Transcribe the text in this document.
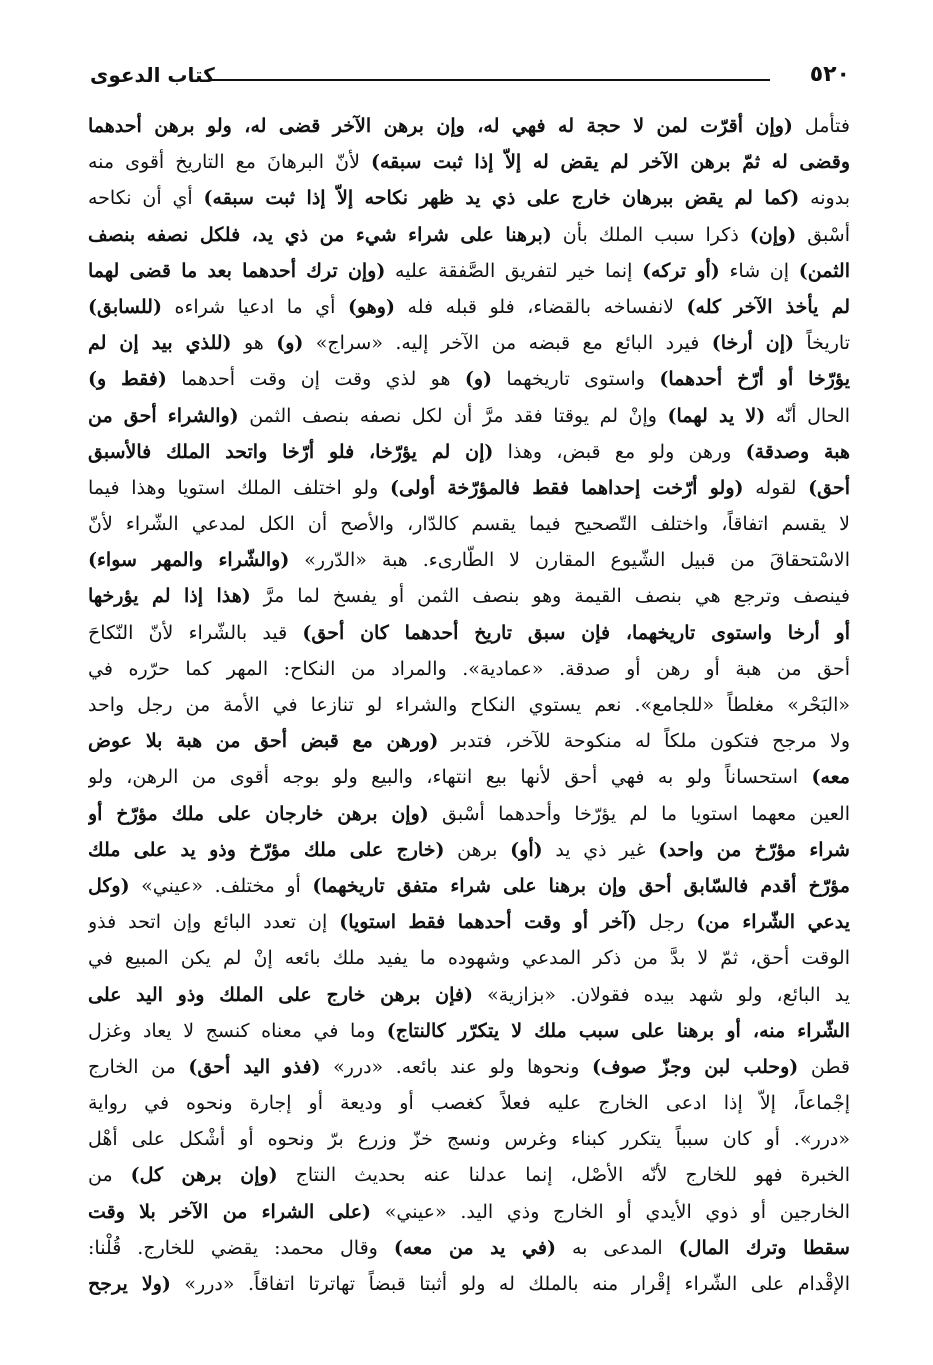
٥٢٠
كتاب الدعوى
فتأمل (وإن أقرّت لمن لا حجة له فهي له، وإن برهن الآخر قضى له، ولو برهن أحدهما
وقضى له ثمّ برهن الآخر لم يقض له إلاّ إذا ثبت سبقه) لأنّ البرهانَ مع التاريخ أقوى منه
بدونه (كما لم يقض ببرهان خارج على ذي يد ظهر نكاحه إلاّ إذا ثبت سبقه) أي أن نكاحه
أسْبق (وإن) ذكرا سبب الملك بأن (برهنا على شراء شيء من ذي يد، فلكل نصفه بنصف
الثمن) إن شاء (أو تركه) إنما خير لتفريق الصَّفقة عليه (وإن ترك أحدهما بعد ما قضى لهما
لم يأخذ الآخر كله) لانفساخه بالقضاء، فلو قبله فله (وهو) أي ما ادعيا شراءه (للسابق)
تاريخاً (إن أرخا) فيرد البائع مع قبضه من الآخر إليه. «سراج» (و) هو (للذي بيد إن لم
يؤرّخا أو أرّخ أحدهما) واستوى تاريخهما (و) هو لذي وقت إن وقت أحدهما (فقط و)
الحال أنّه (لا يد لهما) وإنْ لم يوقتا فقد مرَّ أن لكل نصفه بنصف الثمن (والشراء أحق من
هبة وصدقة) ورهن ولو مع قبض، وهذا (إن لم يؤرّخا، فلو أرّخا واتحد الملك فالأسبق
أحق) لقوله (ولو أرّخت إحداهما فقط فالمؤرّخة أولى) ولو اختلف الملك استويا وهذا فيما
لا يقسم اتفاقاً، واختلف التّصحيح فيما يقسم كالدّار، والأصح أن الكل لمدعي الشّراء لأنّ
الاسْتحقاقَ من قبيل الشّيوع المقارن لا الطّارىء. هبة «الدّرر» (والشّراء والمهر سواء)
فينصف وترجع هي بنصف القيمة وهو بنصف الثمن أو يفسخ لما مرَّ (هذا إذا لم يؤرخها
أو أرخا واستوى تاريخهما، فإن سبق تاريخ أحدهما كان أحق) قيد بالشّراء لأنّ النّكاحَ
أحق من هبة أو رهن أو صدقة. «عمادية». والمراد من النكاح: المهر كما حرّره في
«البَحْر» مغلطاً «للجامع». نعم يستوي النكاح والشراء لو تنازعا في الأمة من رجل واحد
ولا مرجح فتكون ملكاً له منكوحة للآخر، فتدبر (ورهن مع قبض أحق من هبة بلا عوض
معه) استحساناً ولو به فهي أحق لأنها بيع انتهاء، والبيع ولو بوجه أقوى من الرهن، ولو
العين معهما استويا ما لم يؤرّخا وأحدهما أسْبق (وإن برهن خارجان على ملك مؤرّخ أو
شراء مؤرّخ من واحد) غير ذي يد (أو) برهن (خارج على ملك مؤرّخ وذو يد على ملك
مؤرّخ أقدم فالسّابق أحق وإن برهنا على شراء متفق تاريخهما) أو مختلف. «عيني» (وكل
يدعي الشّراء من) رجل (آخر أو وقت أحدهما فقط استويا) إن تعدد البائع وإن اتحد فذو
الوقت أحق، ثمّ لا بدَّ من ذكر المدعي وشهوده ما يفيد ملك بائعه إنْ لم يكن المبيع في
يد البائع، ولو شهد بيده فقولان. «بزازية» (فإن برهن خارج على الملك وذو اليد على
الشّراء منه، أو برهنا على سبب ملك لا يتكرّر كالنتاج) وما في معناه كنسج لا يعاد وغزل
قطن (وحلب لبن وجزّ صوف) ونحوها ولو عند بائعه. «درر» (فذو اليد أحق) من الخارج
إجْماعاً، إلاّ إذا ادعى الخارج عليه فعلاً كغصب أو وديعة أو إجارة ونحوه في رواية
«درر». أو كان سبباً يتكرر كبناء وغرس ونسج خزّ وزرع برّ ونحوه أو أشْكل على أهْل
الخبرة فهو للخارج لأنّه الأصْل، إنما عدلنا عنه بحديث النتاج (وإن برهن كل) من
الخارجين أو ذوي الأيدي أو الخارج وذي اليد. «عيني» (على الشراء من الآخر بلا وقت
سقطا وترك المال) المدعى به (في يد من معه) وقال محمد: يقضي للخارج. قُلْنا:
الإقْدام على الشّراء إقْرار منه بالملك له ولو أثبتا قبضاً تهاترتا اتفاقاً. «درر» (ولا يرجح
